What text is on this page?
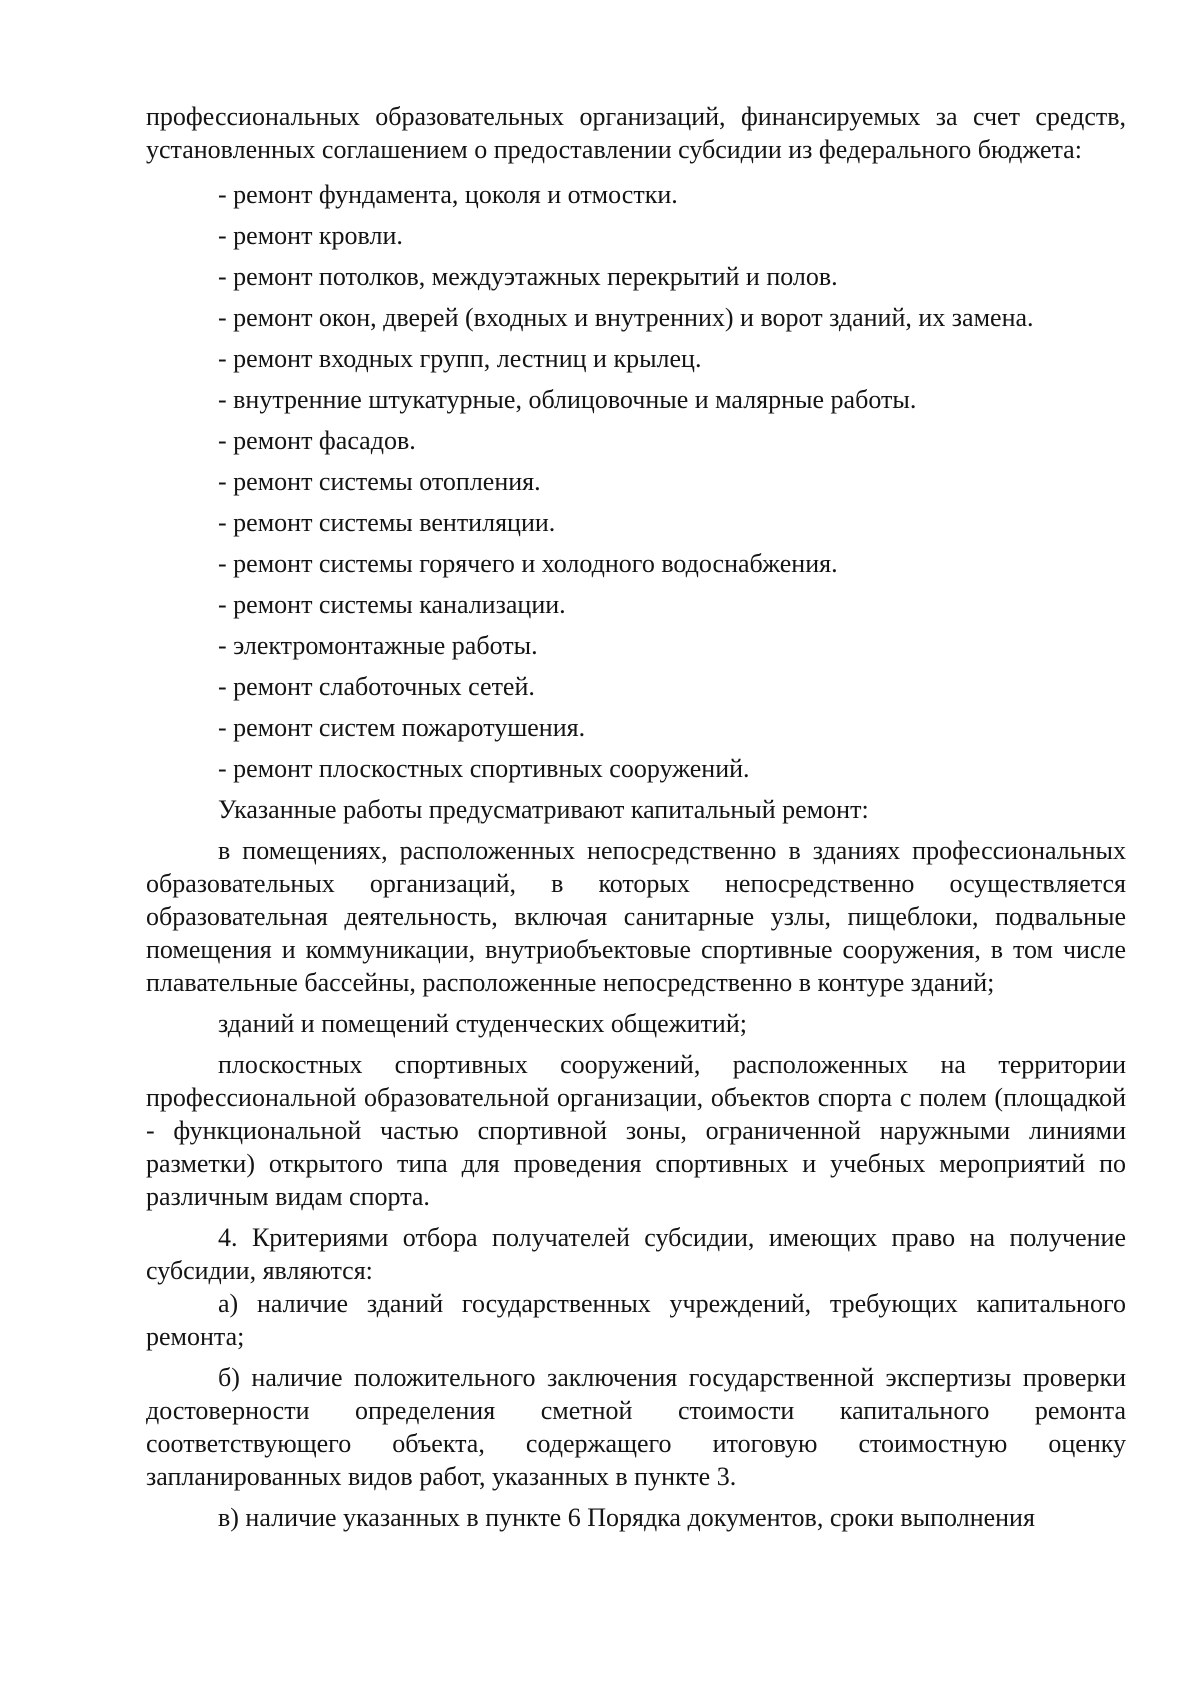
профессиональных образовательных организаций, финансируемых за счет средств, установленных соглашением о предоставлении субсидии из федерального бюджета:

- ремонт фундамента, цоколя и отмостки.

- ремонт кровли.

- ремонт потолков, междуэтажных перекрытий и полов.

- ремонт окон, дверей (входных и внутренних) и ворот зданий, их замена.

- ремонт входных групп, лестниц и крылец.

- внутренние штукатурные, облицовочные и малярные работы.

- ремонт фасадов.

- ремонт системы отопления.

- ремонт системы вентиляции.

- ремонт системы горячего и холодного водоснабжения.

- ремонт системы канализации.

- электромонтажные работы.

- ремонт слаботочных сетей.

- ремонт систем пожаротушения.

- ремонт плоскостных спортивных сооружений.

Указанные работы предусматривают капитальный ремонт:

в помещениях, расположенных непосредственно в зданиях профессиональных образовательных организаций, в которых непосредственно осуществляется образовательная деятельность, включая санитарные узлы, пищеблоки, подвальные помещения и коммуникации, внутриобъектовые спортивные сооружения, в том числе плавательные бассейны, расположенные непосредственно в контуре зданий;

зданий и помещений студенческих общежитий;

плоскостных спортивных сооружений, расположенных на территории профессиональной образовательной организации, объектов спорта с полем (площадкой - функциональной частью спортивной зоны, ограниченной наружными линиями разметки) открытого типа для проведения спортивных и учебных мероприятий по различным видам спорта.

4. Критериями отбора получателей субсидии, имеющих право на получение субсидии, являются:

а) наличие зданий государственных учреждений, требующих капитального ремонта;

б) наличие положительного заключения государственной экспертизы проверки достоверности определения сметной стоимости капитального ремонта соответствующего объекта, содержащего итоговую стоимостную оценку запланированных видов работ, указанных в пункте 3.

в) наличие указанных в пункте 6 Порядка документов, сроки выполнения
